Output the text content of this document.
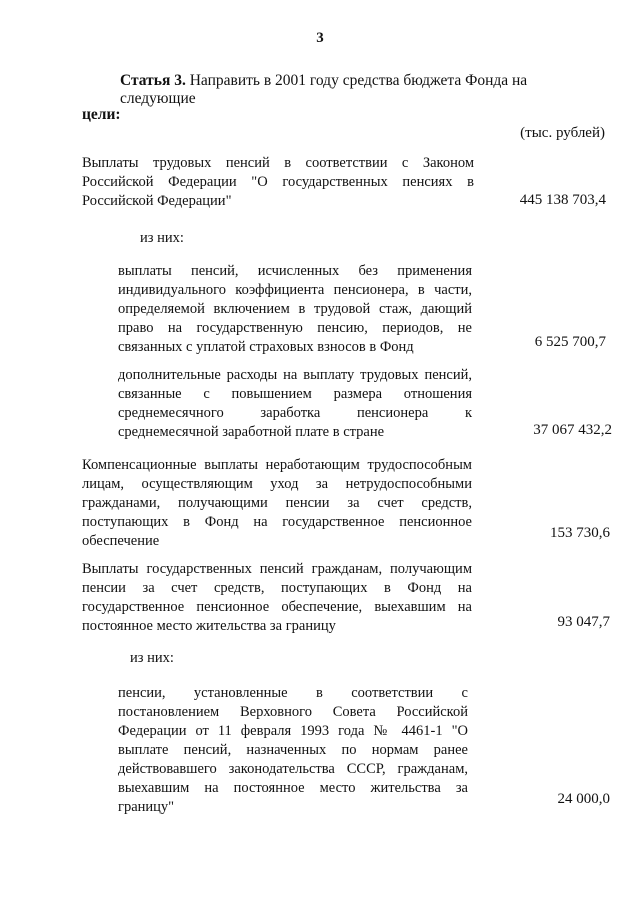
3
Статья 3. Направить в 2001 году средства бюджета Фонда на следующие
цели:
(тыс. рублей)
Выплаты трудовых пенсий в соответствии с Законом Российской Федерации "О государственных пенсиях в Российской Федерации"	445 138 703,4
из них:
выплаты пенсий, исчисленных без применения индивидуального коэффициента пенсионера, в части, определяемой включением в трудовой стаж, дающий право на государственную пенсию, периодов, не связанных с уплатой страховых взносов в Фонд	6 525 700,7
дополнительные расходы на выплату трудовых пенсий, связанные с повышением размера отношения среднемесячного заработка пенсионера к среднемесячной заработной плате в стране	37 067 432,2
Компенсационные выплаты неработающим трудоспособным лицам, осуществляющим уход за нетрудоспособными гражданами, получающими пенсии за счет средств, поступающих в Фонд на государственное пенсионное обеспечение	153 730,6
Выплаты государственных пенсий гражданам, получающим пенсии за счет средств, поступающих в Фонд на государственное пенсионное обеспечение, выехавшим на постоянное место жительства за границу	93 047,7
из них:
пенсии, установленные в соответствии с постановлением Верховного Совета Российской Федерации от 11 февраля 1993 года № 4461-1 "О выплате пенсий, назначенных по нормам ранее действовавшего законодательства СССР, гражданам, выехавшим на постоянное место жительства за границу"	24 000,0
